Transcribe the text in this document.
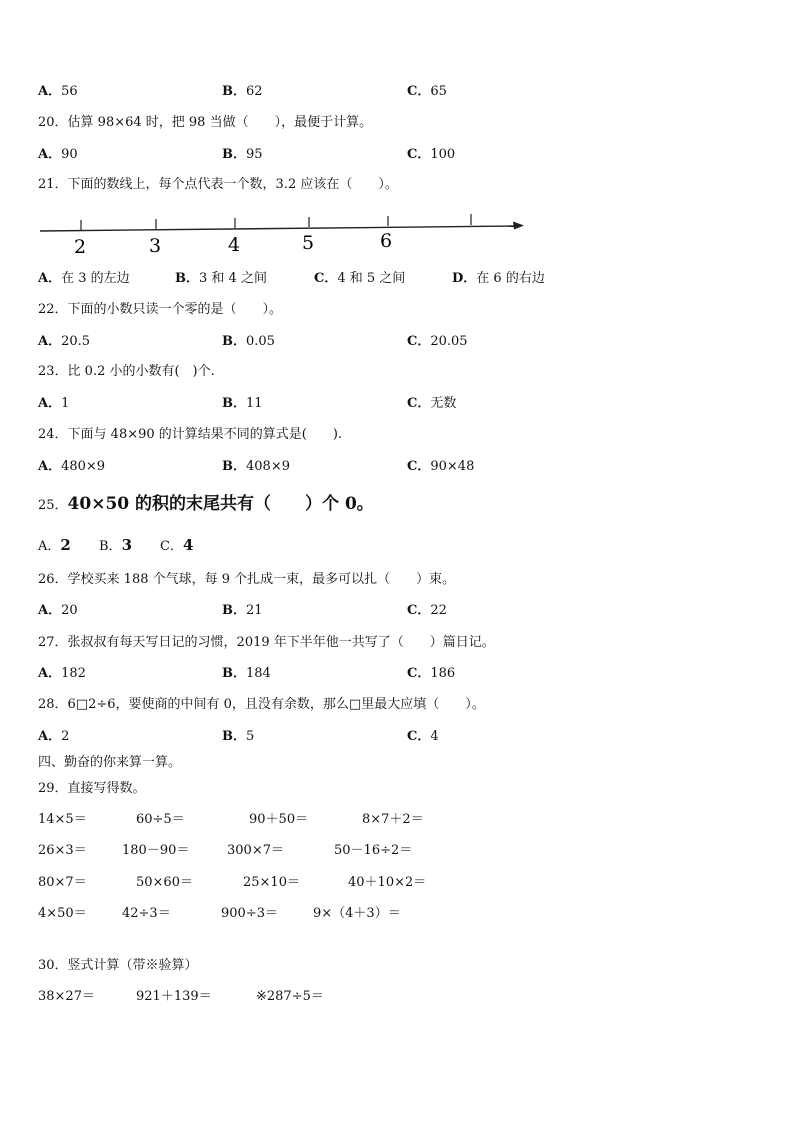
A．56	B．62	C．65
20．估算 98×64 时，把 98 当做（　　），最便于计算。
A．90	B．95	C．100
21．下面的数线上，每个点代表一个数，3.2 应该在（　　）。
2	3	4	5	6
A．在 3 的左边	B．3 和 4 之间	C．4 和 5 之间	D．在 6 的右边
22．下面的小数只读一个零的是（　　）。
A．20.5	B．0.05	C．20.05
23．比 0.2 小的小数有(　)个.
A．1	B．11	C．无数
24．下面与 48×90 的计算结果不同的算式是(　　).
A．480×9	B．408×9	C．90×48
25．40×50 的积的末尾共有（　　）个 0。
A．2 B．3 C．4
26．学校买来 188 个气球，每 9 个扎成一束，最多可以扎（　　）束。
A．20	B．21	C．22
27．张叔叔有每天写日记的习惯，2019 年下半年他一共写了（　　）篇日记。
A．182	B．184	C．186
28．6□2÷6，要使商的中间有 0，且没有余数，那么□里最大应填（　　）。
A．2	B．5	C．4
四、勤奋的你来算一算。
29．直接写得数。
14×5＝	60÷5＝	90＋50＝	8×7＋2＝
26×3＝	180－90＝	300×7＝	50－16÷2＝
80×7＝	50×60＝	25×10＝	40＋10×2＝
4×50＝	42÷3＝	900÷3＝	9×（4＋3）＝
30．竖式计算（带※验算）
38×27＝	921＋139＝	※287÷5＝
